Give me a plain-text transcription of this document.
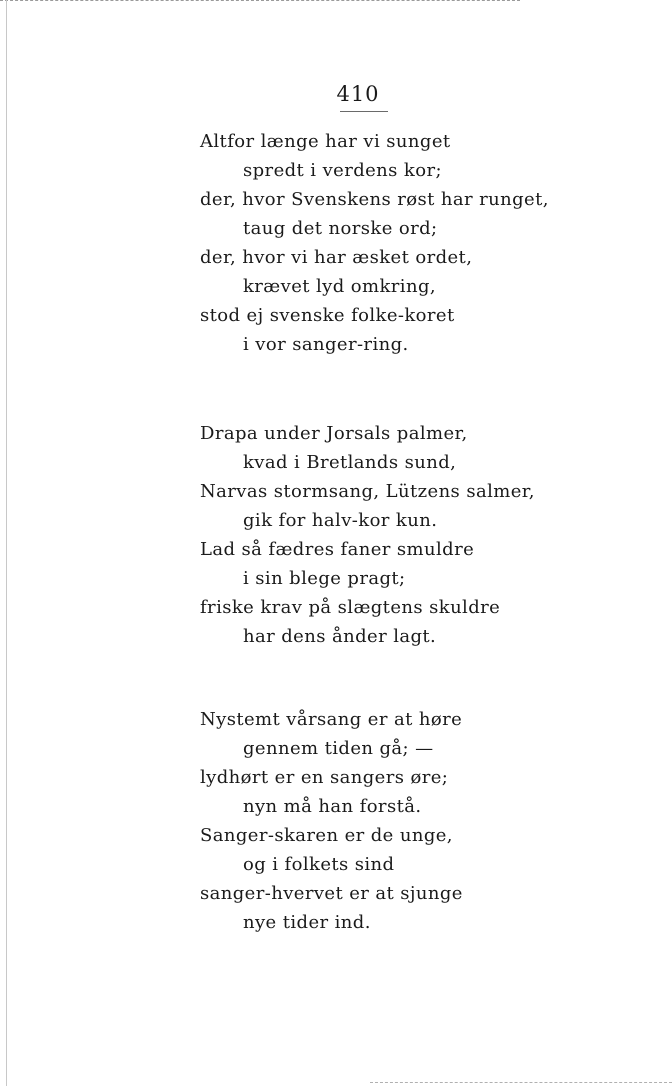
410
Altfor længe har vi sunget
spredt i verdens kor;
der, hvor Svenskens røst har runget,
taug det norske ord;
der, hvor vi har æsket ordet,
krævet lyd omkring,
stod ej svenske folke-koret
i vor sanger-ring.
Drapa under Jorsals palmer,
kvad i Bretlands sund,
Narvas stormsang, Lützens salmer,
gik for halv-kor kun.
Lad så fædres faner smuldre
i sin blege pragt;
friske krav på slægtens skuldre
har dens ånder lagt.
Nystemt vårsang er at høre
gennem tiden gå; —
lydhørt er en sangers øre;
nyn må han forstå.
Sanger-skaren er de unge,
og i folkets sind
sanger-hvervet er at sjunge
nye tider ind.
